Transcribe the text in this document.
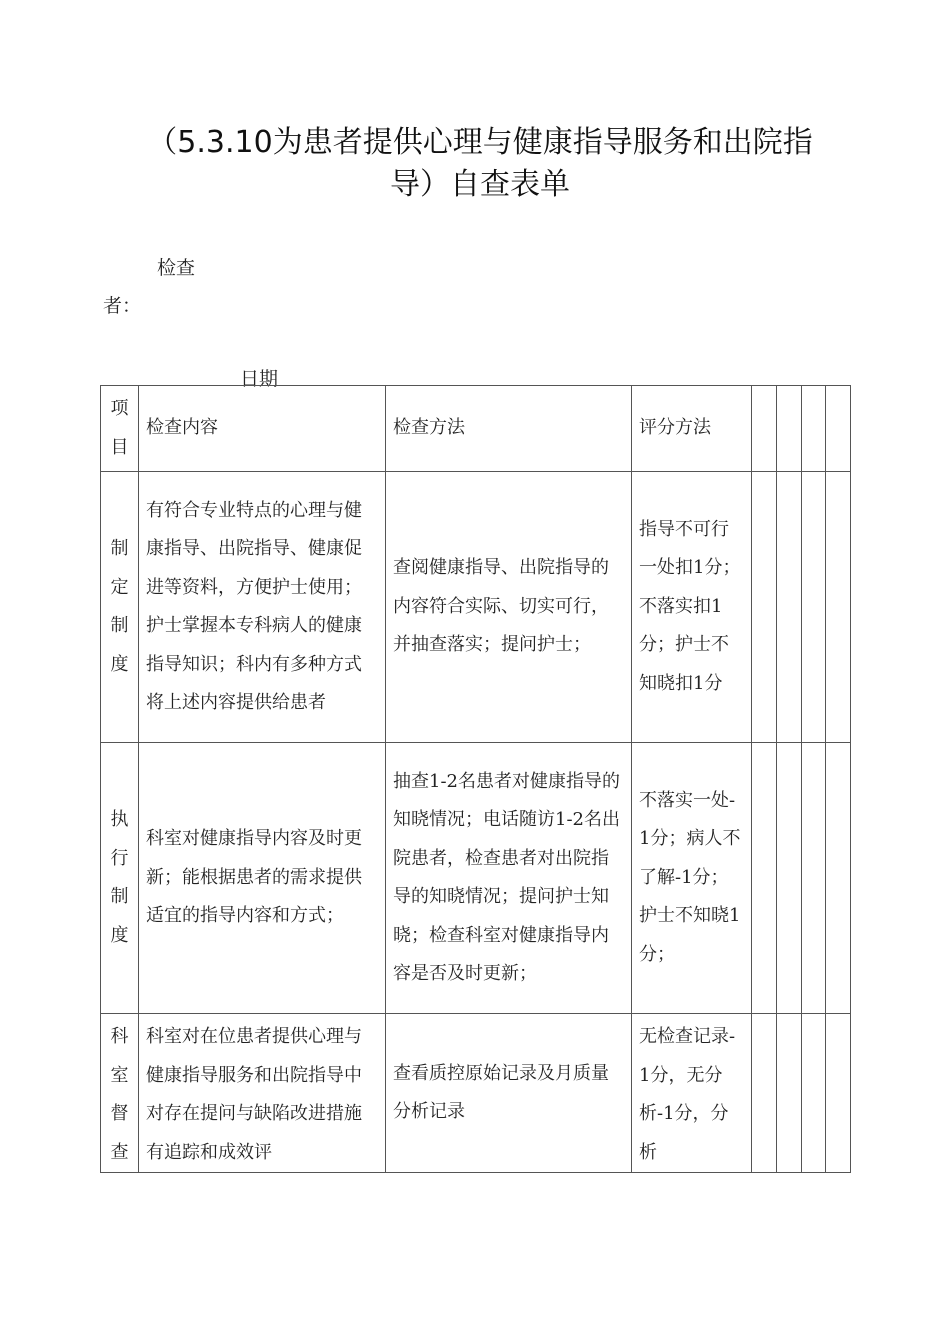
（5.3.10为患者提供心理与健康指导服务和出院指
导）自查表单
检查
者：
日期
项目	检查内容	检查方法	评分方法				
制定制度	有符合专业特点的心理与健康指导、出院指导、健康促进等资料，方便护士使用；护士掌握本专科病人的健康指导知识；科内有多种方式将上述内容提供给患者	查阅健康指导、出院指导的内容符合实际、切实可行，并抽查落实；提问护士；	指导不可行一处扣1分；不落实扣1分；护士不知晓扣1分				
执行制度	科室对健康指导内容及时更新；能根据患者的需求提供适宜的指导内容和方式；	抽查1-2名患者对健康指导的知晓情况；电话随访1-2名出院患者，检查患者对出院指导的知晓情况；提问护士知晓；检查科室对健康指导内容是否及时更新；	不落实一处-1分；病人不了解-1分；护士不知晓1分；				

科室督查	科室对在位患者提供心理与健康指导服务和出院指导中对存在提问与缺陷改进措施有追踪和成效评	查看质控原始记录及月质量分析记录	无检查记录-1分，无分析-1分，分析				
